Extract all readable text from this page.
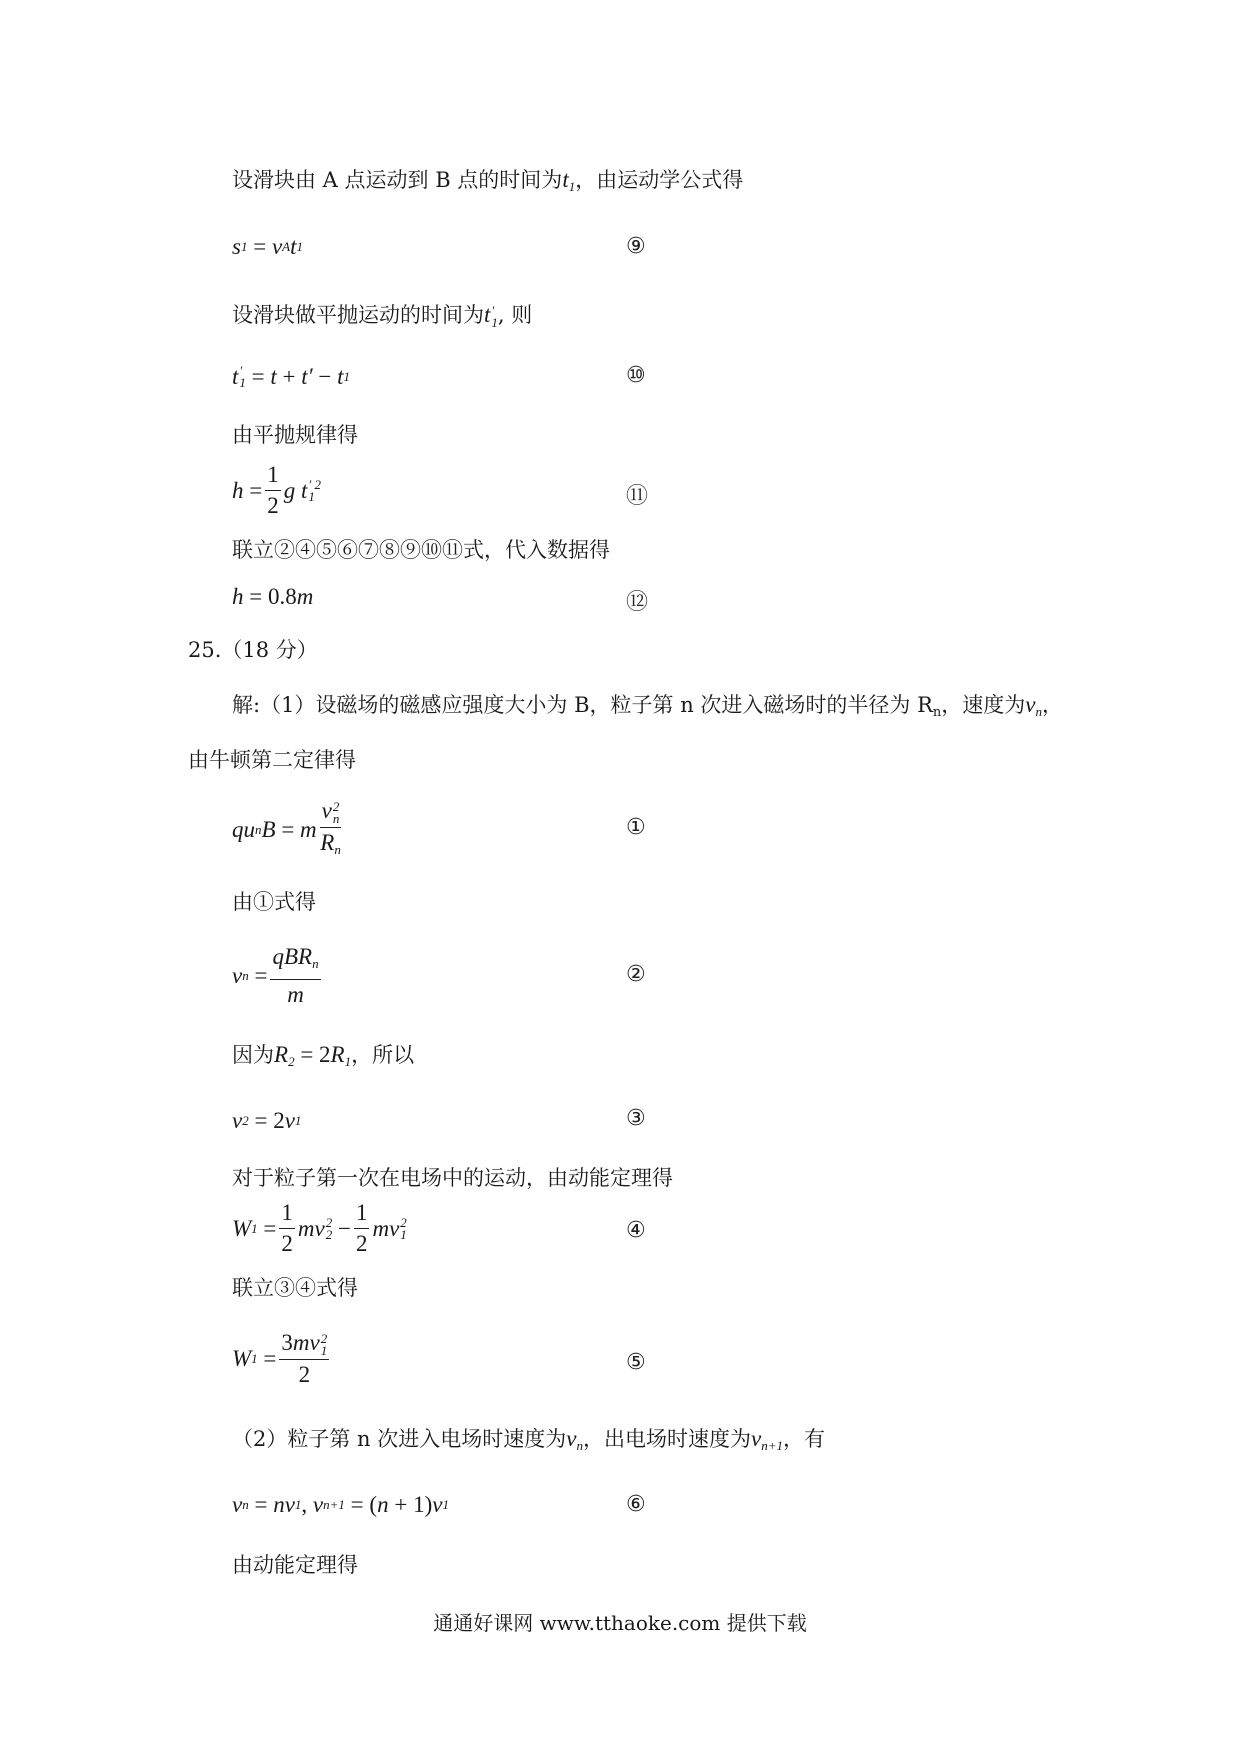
设滑块由 A 点运动到 B 点的时间为$t_1$，由运动学公式得
s 1
= v A t 1	⑨
设滑块做平抛运动的时间为t ′
1 , 则
t ′
1
= t + t′ − t 1	⑩
由平抛规律得
$h = \frac{1}{2}$ g t ′ 2
1	⑪
联立②④⑤⑥⑦⑧⑨⑩⑪式，代入数据得
h =
0.8 m	⑫
25.（18 分）
解:（1）设磁场的磁感应强度大小为 B，粒子第 n 次进入磁场时的半径为 $R_n$，速度为$v_n$，
由牛顿第二定律得
qu n B = m v 2
n
$R_n$	①
由①式得
v n
= $\frac{qBR_n}{m}$	②
因为$R_2 = 2R_1$，所以
v 2
=
2 v 1	③
对于粒子第一次在电场中的运动，由动能定理得
W 1
= $\frac{1}{2}$ mv 2
2
− $\frac{1}{2}$ mv 2
1	④
联立③④式得
W 1
= 3mv 2
1
2	⑤
（2）粒子第 n 次进入电场时速度为$v_n$，出电场时速度为$v_{n+1}$，有
v n
= nv 1 , v n+1
=
( n +
1) v 1	⑥
由动能定理得
通通好课网 www.tthaoke.com 提供下载
